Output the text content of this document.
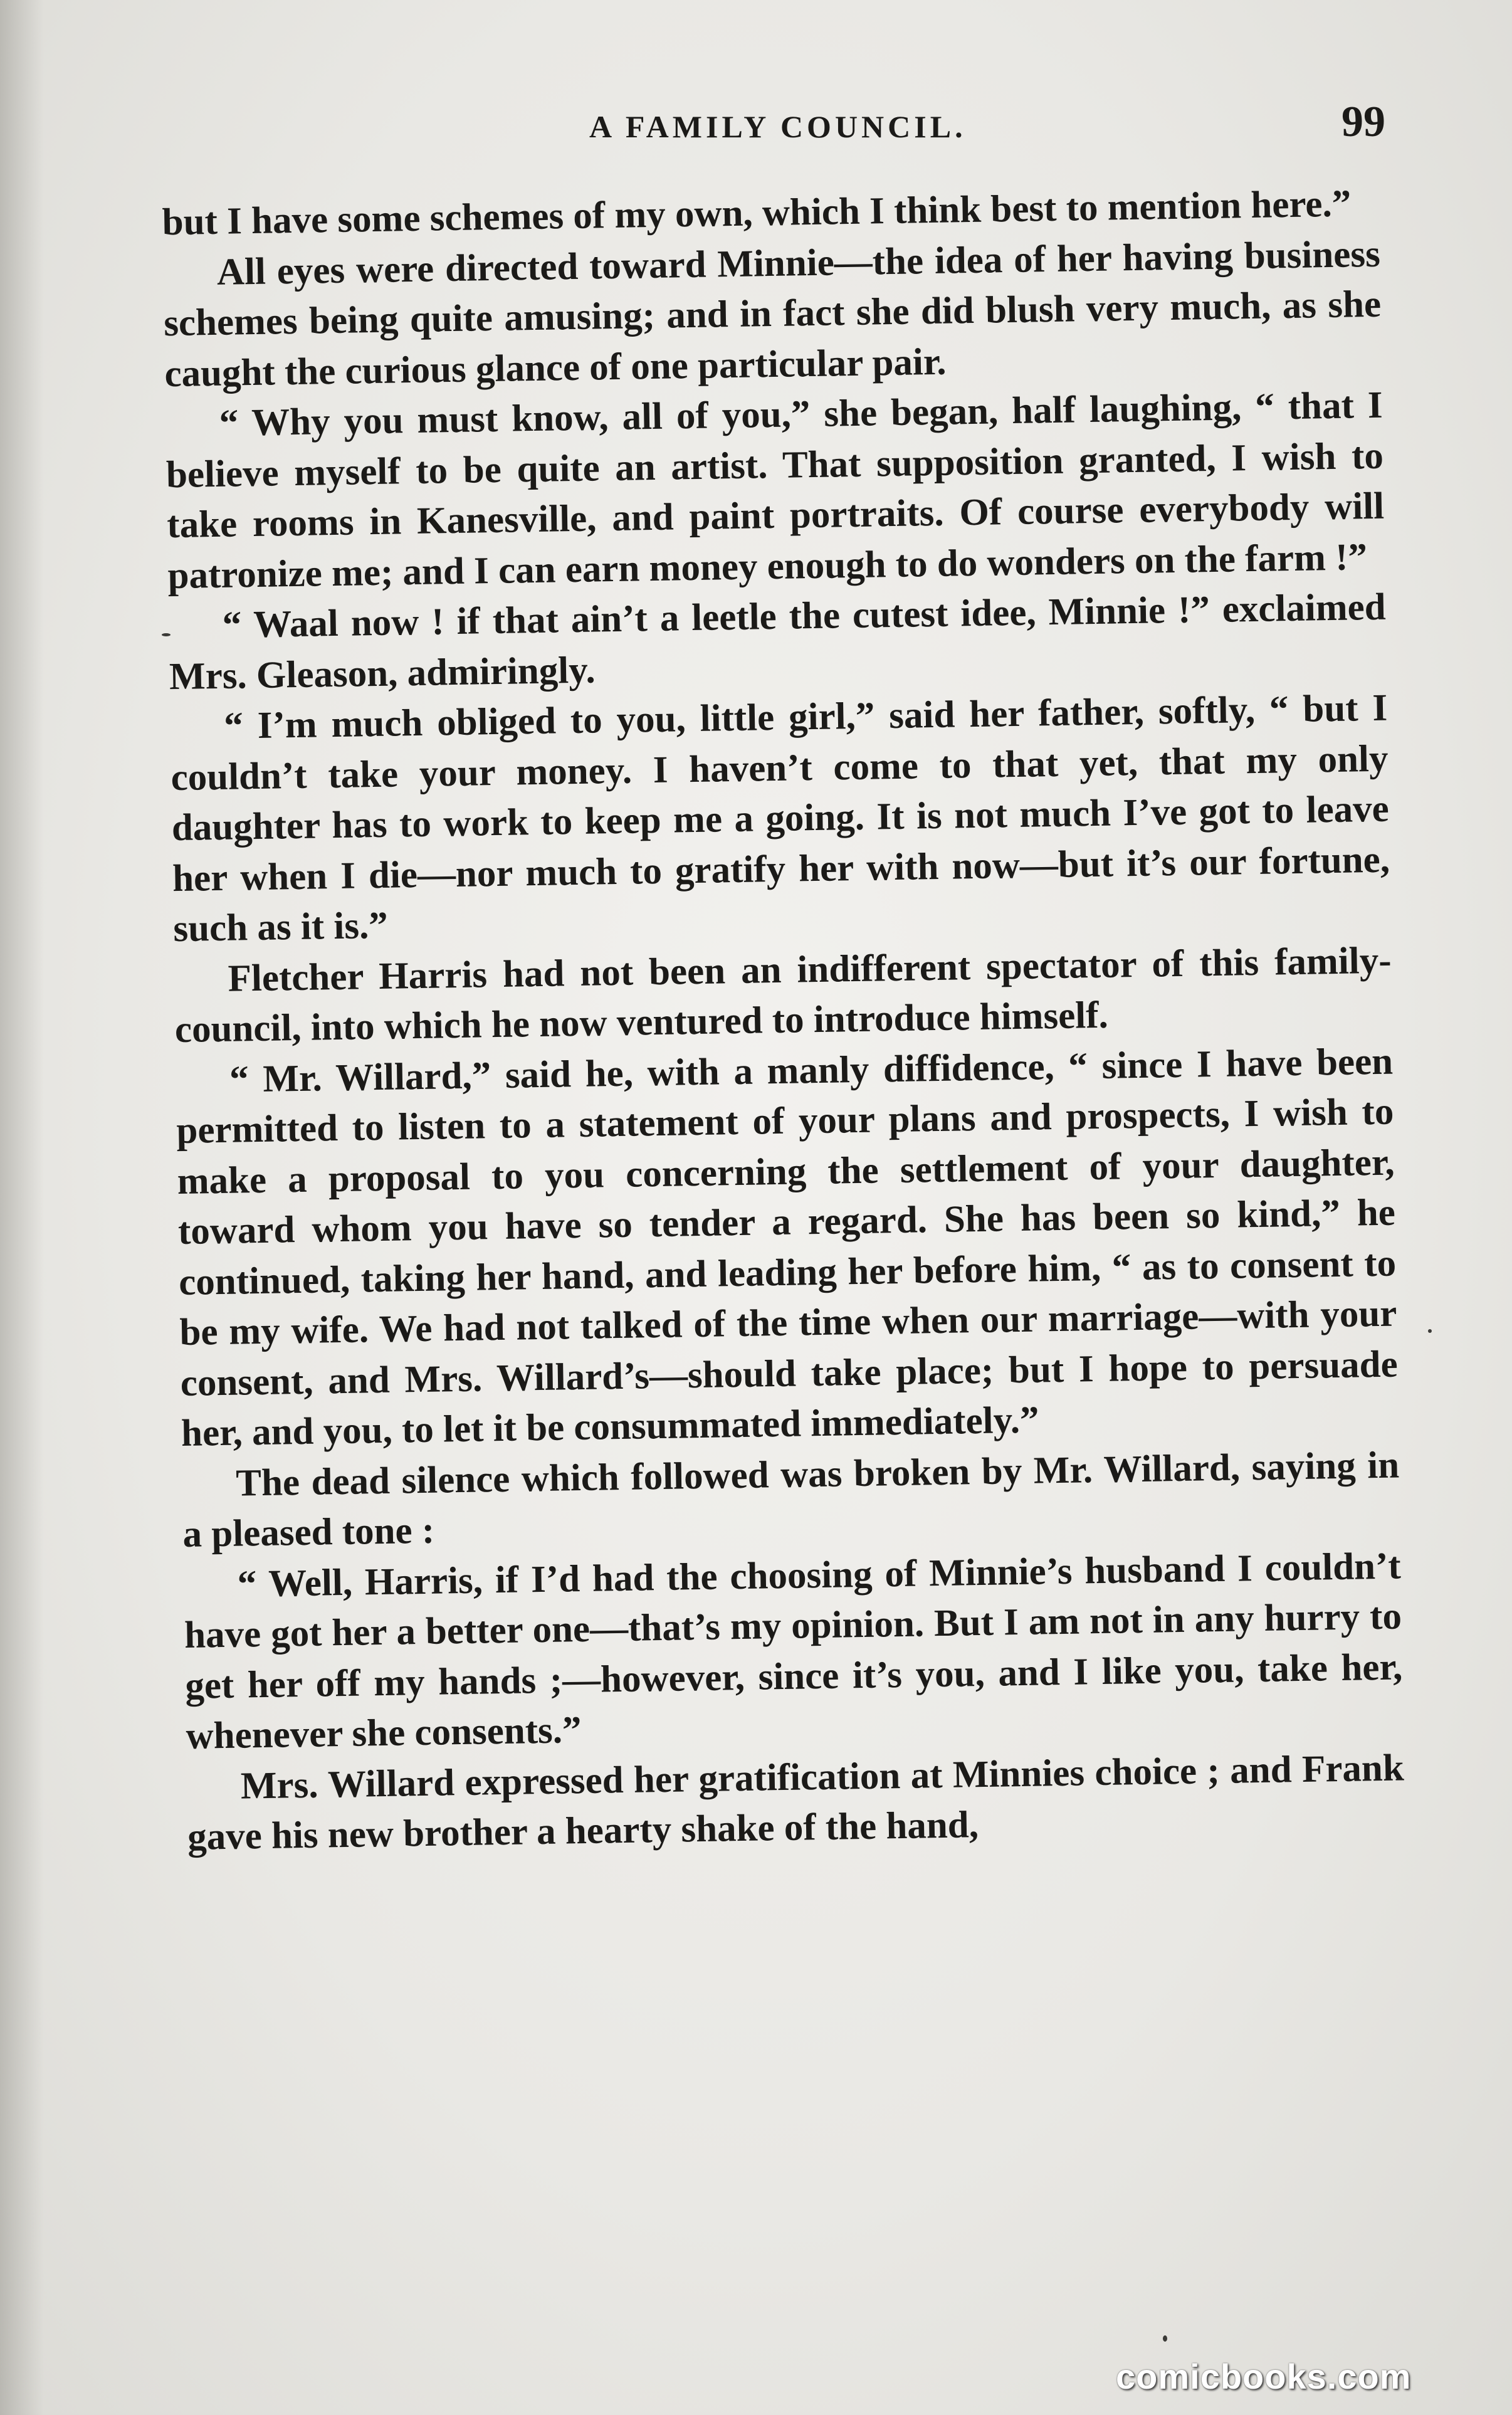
A FAMILY COUNCIL.	99

but I have some schemes of my own, which I think best to mention here.”

All eyes were directed toward Minnie—the idea of her having business schemes being quite amusing; and in fact she did blush very much, as she caught the curious glance of one particular pair.

“ Why you must know, all of you,” she began, half laughing, “ that I believe myself to be quite an artist. That supposition granted, I wish to take rooms in Kanesville, and paint portraits. Of course everybody will patronize me; and I can earn money enough to do wonders on the farm !”

“ Waal now ! if that ain’t a leetle the cutest idee, Minnie !” exclaimed Mrs. Gleason, admiringly.

“ I’m much obliged to you, little girl,” said her father, softly, “ but I couldn’t take your money. I haven’t come to that yet, that my only daughter has to work to keep me a going. It is not much I’ve got to leave her when I die—nor much to gratify her with now—but it’s our fortune, such as it is.”

Fletcher Harris had not been an indifferent spectator of this family-council, into which he now ventured to introduce himself.

“ Mr. Willard,” said he, with a manly diffidence, “ since I have been permitted to listen to a statement of your plans and prospects, I wish to make a proposal to you concerning the settlement of your daughter, toward whom you have so tender a regard. She has been so kind,” he continued, taking her hand, and leading her before him, “ as to consent to be my wife. We had not talked of the time when our marriage—with your consent, and Mrs. Willard’s—should take place; but I hope to persuade her, and you, to let it be consummated immediately.”

The dead silence which followed was broken by Mr. Willard, saying in a pleased tone :

“ Well, Harris, if I’d had the choosing of Minnie’s husband I couldn’t have got her a better one—that’s my opinion. But I am not in any hurry to get her off my hands ;—however, since it’s you, and I like you, take her, whenever she consents.”

Mrs. Willard expressed her gratification at Minnies choice ; and Frank gave his new brother a hearty shake of the hand,

comicbooks.com
